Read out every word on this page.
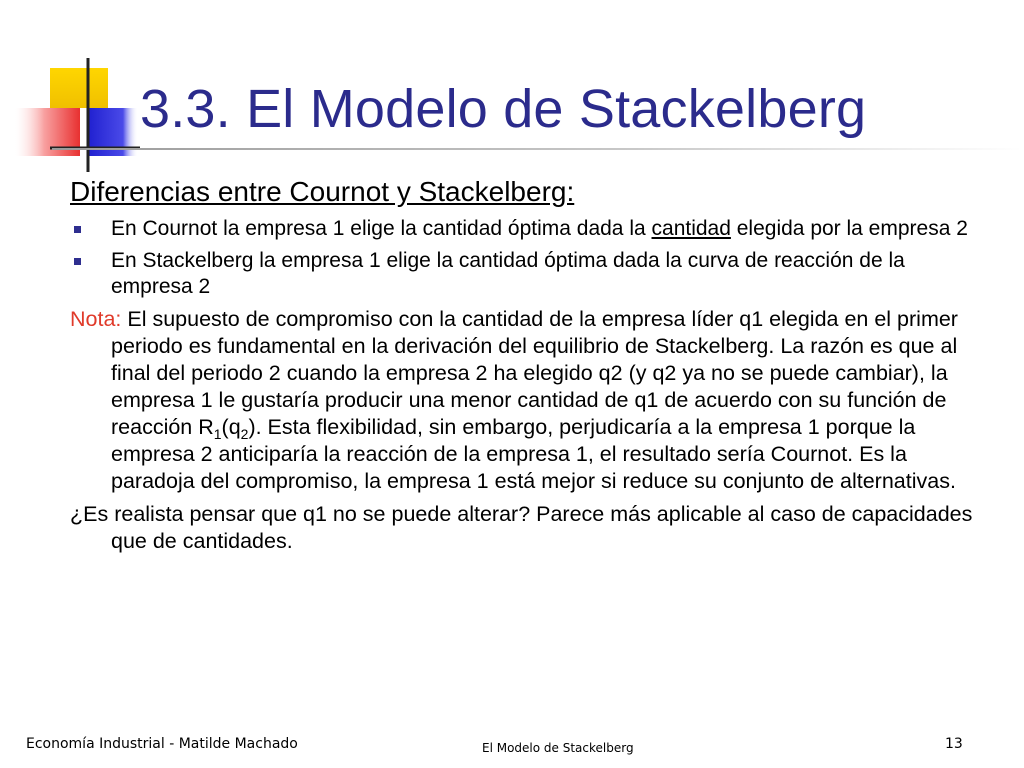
3.3. El Modelo de Stackelberg
Diferencias entre Cournot y Stackelberg:
En Cournot la empresa 1 elige la cantidad óptima dada la cantidad elegida por la empresa 2
En Stackelberg la empresa 1 elige la cantidad óptima dada la curva de reacción de la empresa 2
Nota: El supuesto de compromiso con la cantidad de la empresa líder q1 elegida en el primer periodo es fundamental en la derivación del equilibrio de Stackelberg. La razón es que al final del periodo 2 cuando la empresa 2 ha elegido q2 (y q2 ya no se puede cambiar), la empresa 1 le gustaría producir una menor cantidad de q1 de acuerdo con su función de reacción $R_1(q_2)$. Esta flexibilidad, sin embargo, perjudicaría a la empresa 1 porque la empresa 2 anticiparía la reacción de la empresa 1, el resultado sería Cournot. Es la paradoja del compromiso, la empresa 1 está mejor si reduce su conjunto de alternativas.
¿Es realista pensar que q1 no se puede alterar? Parece más aplicable al caso de capacidades que de cantidades.
Economía Industrial - Matilde Machado	El Modelo de Stackelberg	13
